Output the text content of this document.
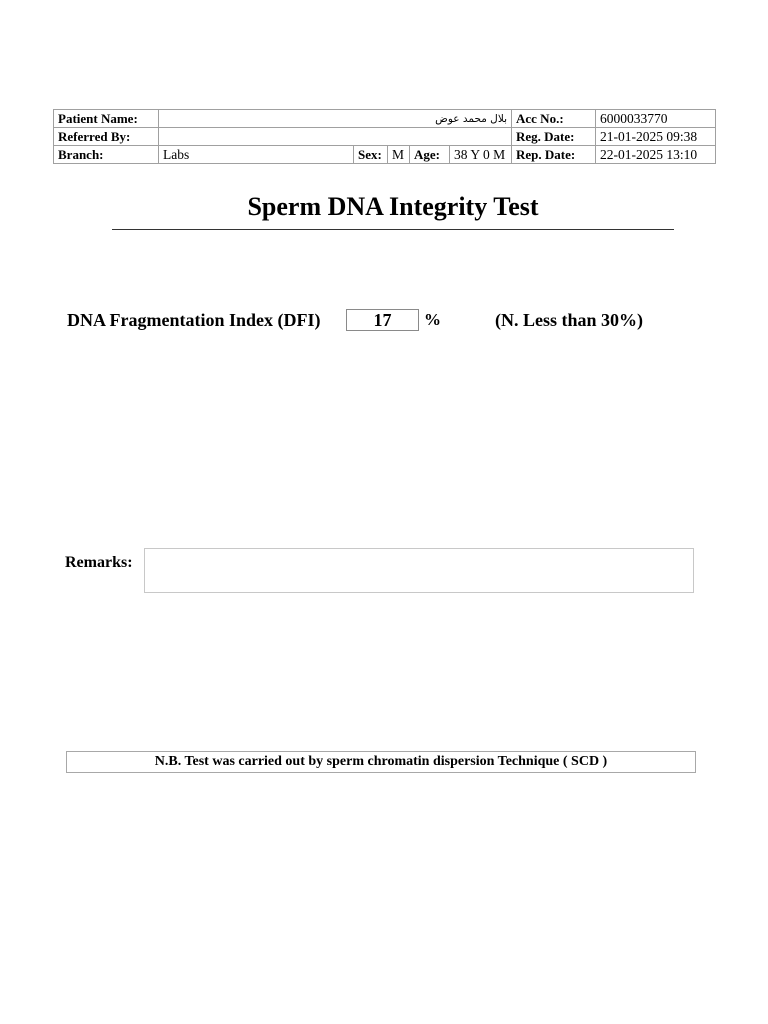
Patient Name:	بلال محمد عوض					Acc No.:	6000033770
Referred By:						Reg. Date:	21-01-2025 09:38
Branch:	Labs	Sex:	M	Age:	38 Y 0 M	Rep. Date:	22-01-2025 13:10
Sperm DNA Integrity Test
DNA Fragmentation Index (DFI)	17	%	(N. Less than 30%)
Remarks:
N.B. Test was carried out by sperm chromatin dispersion Technique ( SCD )
